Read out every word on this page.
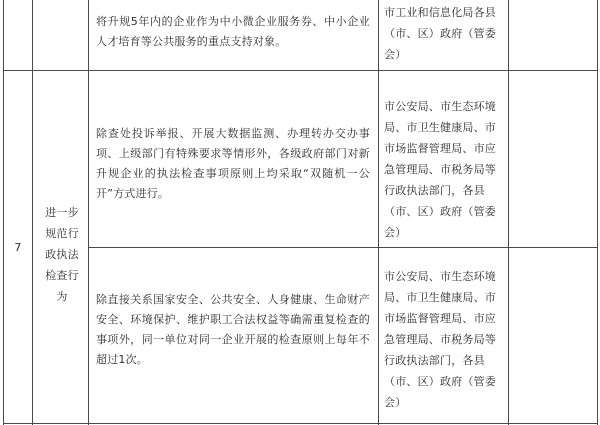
将升规5年内的企业作为中小微企业服务券、中小企业人才培育等公共服务的重点支持对象。
市工业和信息化局各县（市、区）政府（管委会）
7
进一步规范行政执法检查行为
除查处投诉举报、开展大数据监测、办理转办交办事项、上级部门有特殊要求等情形外，各级政府部门对新升规企业的执法检查事项原则上均采取“双随机一公开”方式进行。
市公安局、市生态环境局、市卫生健康局、市市场监督管理局、市应急管理局、市税务局等行政执法部门，各县（市、区）政府（管委会）
除直接关系国家安全、公共安全、人身健康、生命财产安全、环境保护、维护职工合法权益等确需重复检查的事项外，同一单位对同一企业开展的检查原则上每年不超过1次。
市公安局、市生态环境局、市卫生健康局、市市场监督管理局、市应急管理局、市税务局等行政执法部门，各县（市、区）政府（管委会）
